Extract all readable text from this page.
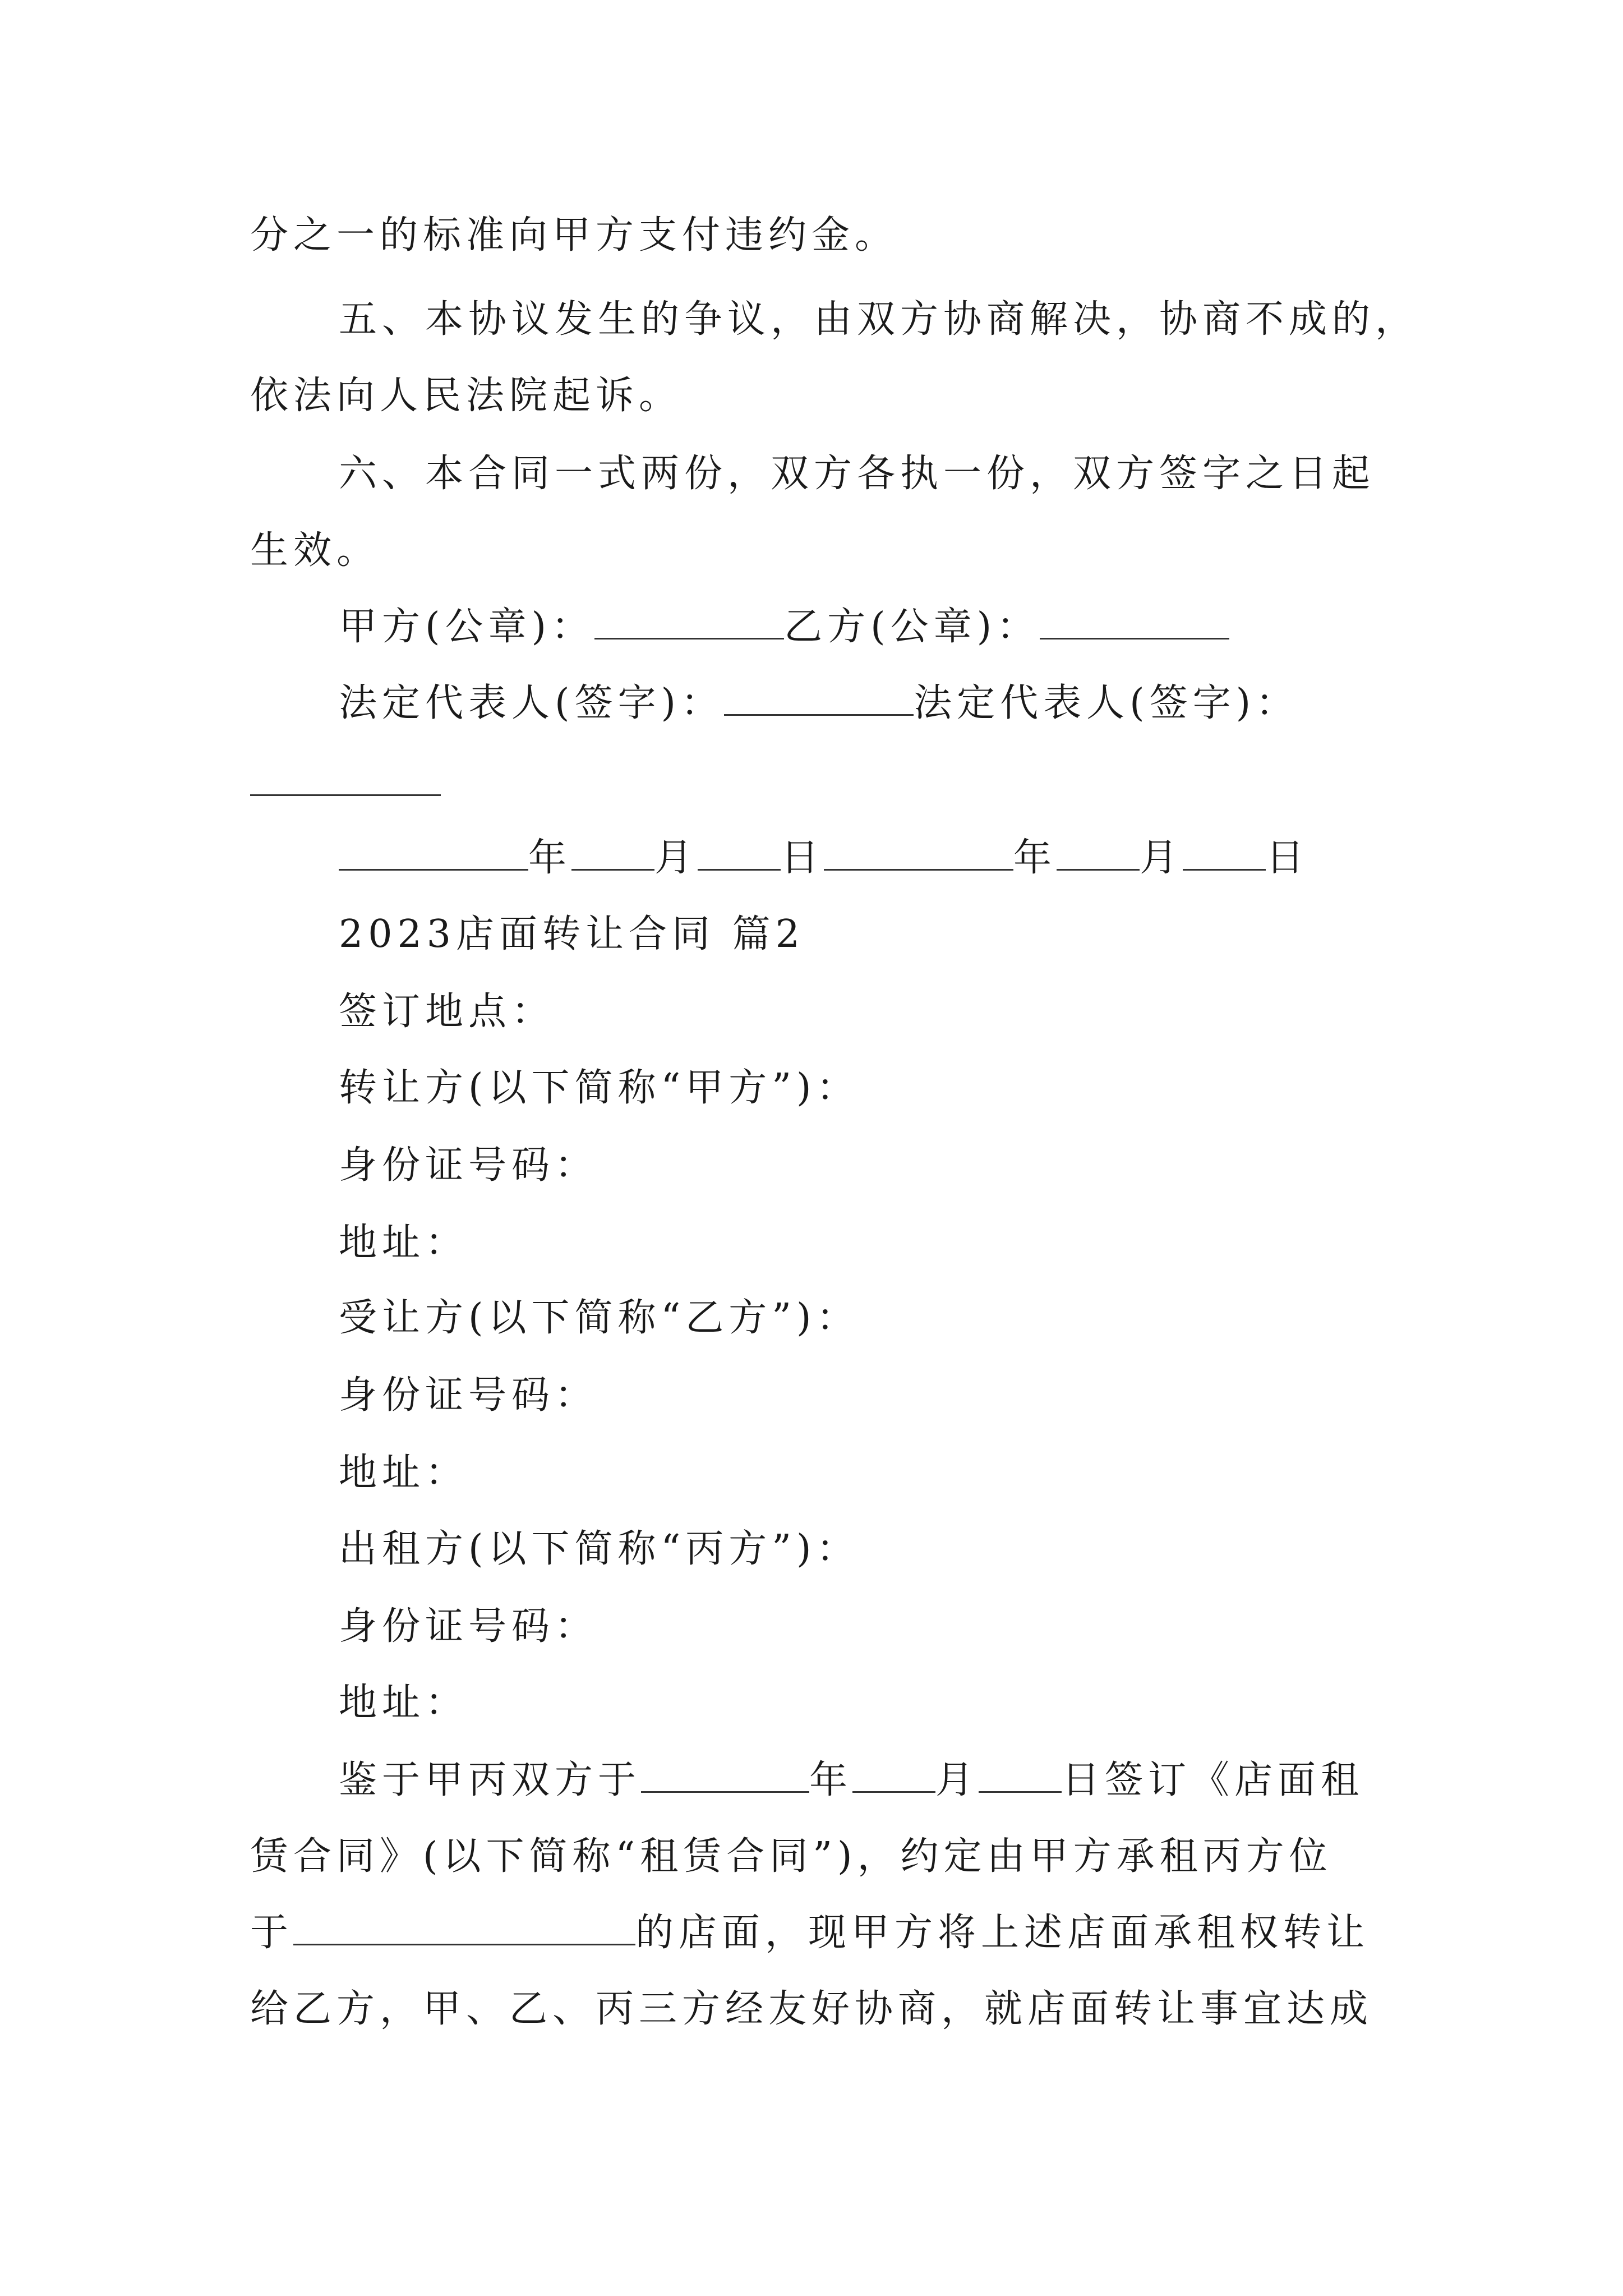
分之一的标准向甲方支付违约金。
五、本协议发生的争议，由双方协商解决，协商不成的，
依法向人民法院起诉。
六、本合同一式两份，双方各执一份，双方签字之日起
生效。
甲方(公章)：	乙方(公章)：
法定代表人(签字)：	法定代表人(签字)：
年 月 日	年 月 日
2023店面转让合同 篇2
签订地点：
转让方(以下简称“甲方”)：
身份证号码：
地址：
受让方(以下简称“乙方”)：
身份证号码：
地址：
出租方(以下简称“丙方”)：
身份证号码：
地址：
鉴于甲丙双方于	年 月 日签订《店面租
赁合同》(以下简称“租赁合同”)，约定由甲方承租丙方位
于	的店面，现甲方将上述店面承租权转让
给乙方，甲、乙、丙三方经友好协商，就店面转让事宜达成
